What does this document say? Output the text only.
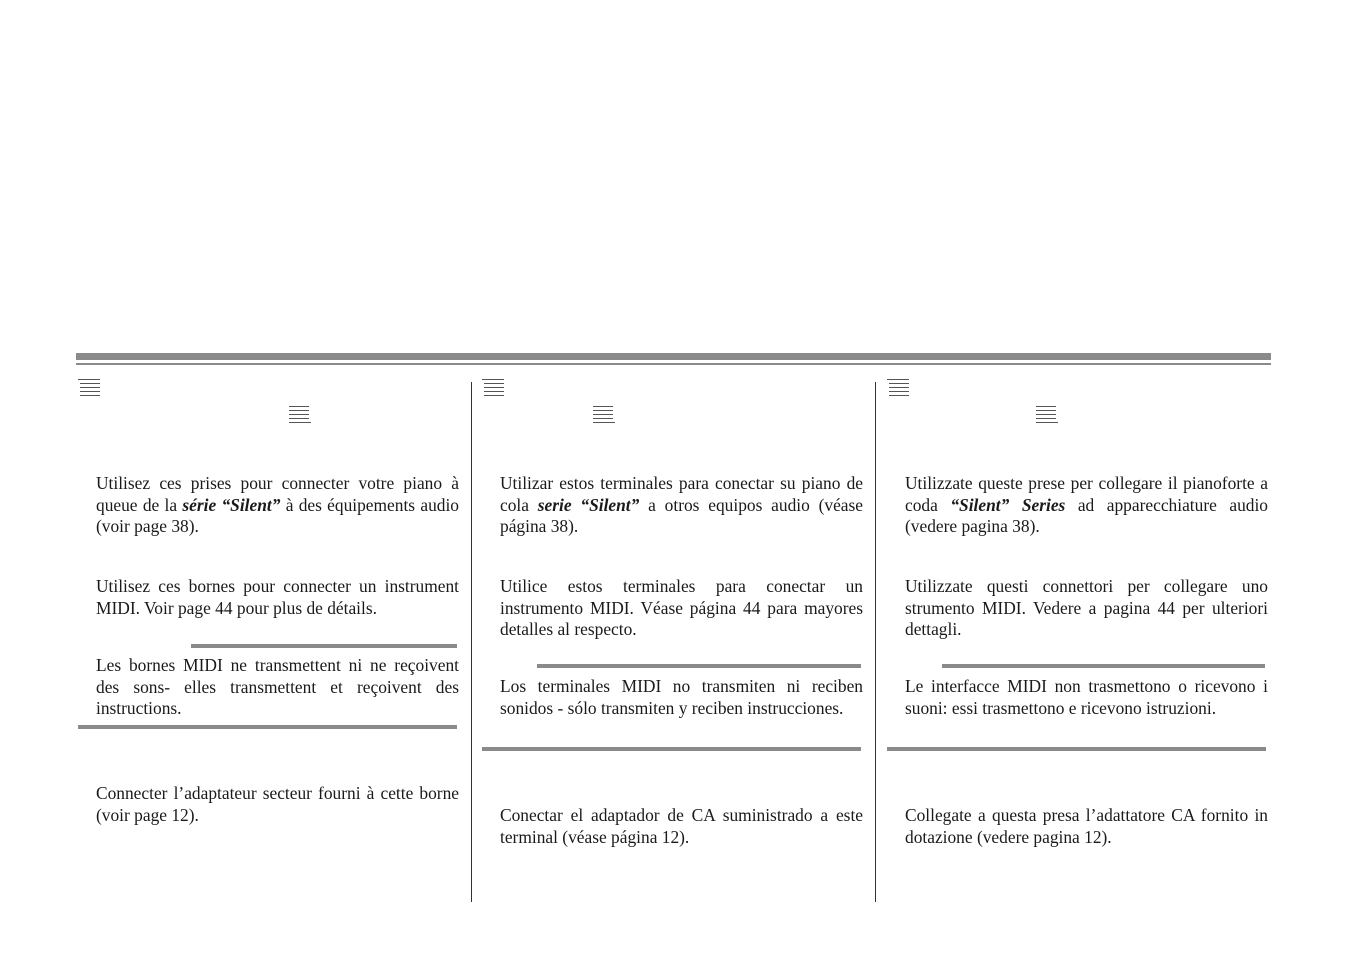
Utilisez ces prises pour connecter votre piano à queue de la série “Silent” à des équipements audio (voir page 38).

Utilisez ces bornes pour connecter un instrument MIDI. Voir page 44 pour plus de détails.

Les bornes MIDI ne transmettent ni ne reçoivent des sons- elles transmettent et reçoivent des instructions.

Connecter l’adaptateur secteur fourni à cette borne (voir page 12).

Utilizar estos terminales para conectar su piano de cola serie “Silent” a otros equipos audio (véase página 38).

Utilice estos terminales para conectar un instrumento MIDI. Véase página 44 para mayores detalles al respecto.

Los terminales MIDI no transmiten ni reciben sonidos - sólo transmiten y reciben instrucciones.

Conectar el adaptador de CA suministrado a este terminal (véase página 12).

Utilizzate queste prese per collegare il pianoforte a coda “Silent” Series ad apparecchiature audio (vedere pagina 38).

Utilizzate questi connettori per collegare uno strumento MIDI. Vedere a pagina 44 per ulteriori dettagli.

Le interfacce MIDI non trasmettono o ricevono i suoni: essi trasmettono e ricevono istruzioni.

Collegate a questa presa l’adattatore CA fornito in dotazione (vedere pagina 12).
